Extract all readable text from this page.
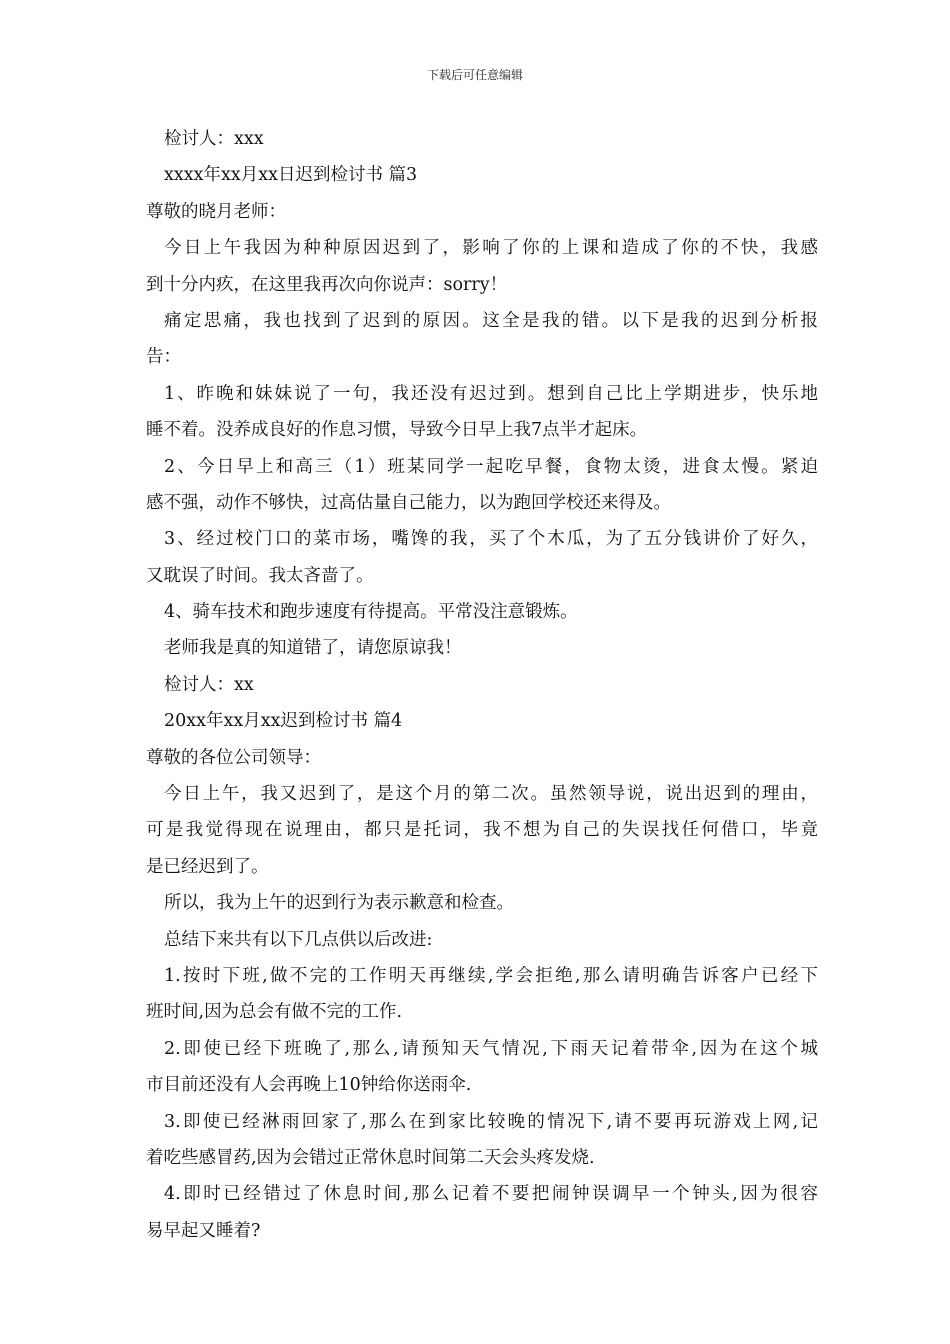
下载后可任意编辑
检讨人：xxx
xxxx年xx月xx日迟到检讨书 篇3
尊敬的晓月老师：
今日上午我因为种种原因迟到了，影响了你的上课和造成了你的不快，我感
到十分内疚，在这里我再次向你说声：sorry！
痛定思痛，我也找到了迟到的原因。这全是我的错。以下是我的迟到分析报
告：
1、昨晚和妹妹说了一句，我还没有迟过到。想到自己比上学期进步，快乐地
睡不着。没养成良好的作息习惯，导致今日早上我7点半才起床。
2、今日早上和高三（1）班某同学一起吃早餐，食物太烫，进食太慢。紧迫
感不强，动作不够快，过高估量自己能力，以为跑回学校还来得及。
3、经过校门口的菜市场，嘴馋的我，买了个木瓜，为了五分钱讲价了好久，
又耽误了时间。我太吝啬了。
4、骑车技术和跑步速度有待提高。平常没注意锻炼。
老师我是真的知道错了，请您原谅我！
检讨人：xx
20xx年xx月xx迟到检讨书 篇4
尊敬的各位公司领导：
今日上午，我又迟到了，是这个月的第二次。虽然领导说，说出迟到的理由，
可是我觉得现在说理由，都只是托词，我不想为自己的失误找任何借口，毕竟
是已经迟到了。
所以，我为上午的迟到行为表示歉意和检查。
总结下来共有以下几点供以后改进:
1.按时下班,做不完的工作明天再继续,学会拒绝,那么请明确告诉客户已经下
班时间,因为总会有做不完的工作.
2.即使已经下班晚了,那么,请预知天气情况,下雨天记着带伞,因为在这个城
市目前还没有人会再晚上10钟给你送雨伞.
3.即使已经淋雨回家了,那么在到家比较晚的情况下,请不要再玩游戏上网,记
着吃些感冒药,因为会错过正常休息时间第二天会头疼发烧.
4.即时已经错过了休息时间,那么记着不要把闹钟误调早一个钟头,因为很容
易早起又睡着?
